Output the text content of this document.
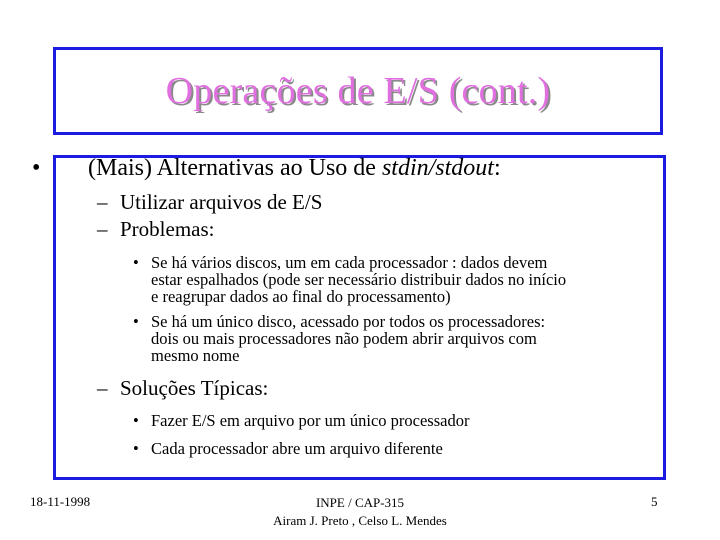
Operações de E/S (cont.)
• (Mais) Alternativas ao Uso de stdin/stdout:
– Utilizar arquivos de E/S
– Problemas:
• Se há vários discos, um em cada processador : dados devem
estar espalhados (pode ser necessário distribuir dados no início
e reagrupar dados ao final do processamento)
• Se há um único disco, acessado por todos os processadores:
dois ou mais processadores não podem abrir arquivos com
mesmo nome
– Soluções Típicas:
• Fazer E/S em arquivo por um único processador
• Cada processador abre um arquivo diferente
18-11-1998	INPE / CAP-315
Airam J. Preto , Celso L. Mendes
5
